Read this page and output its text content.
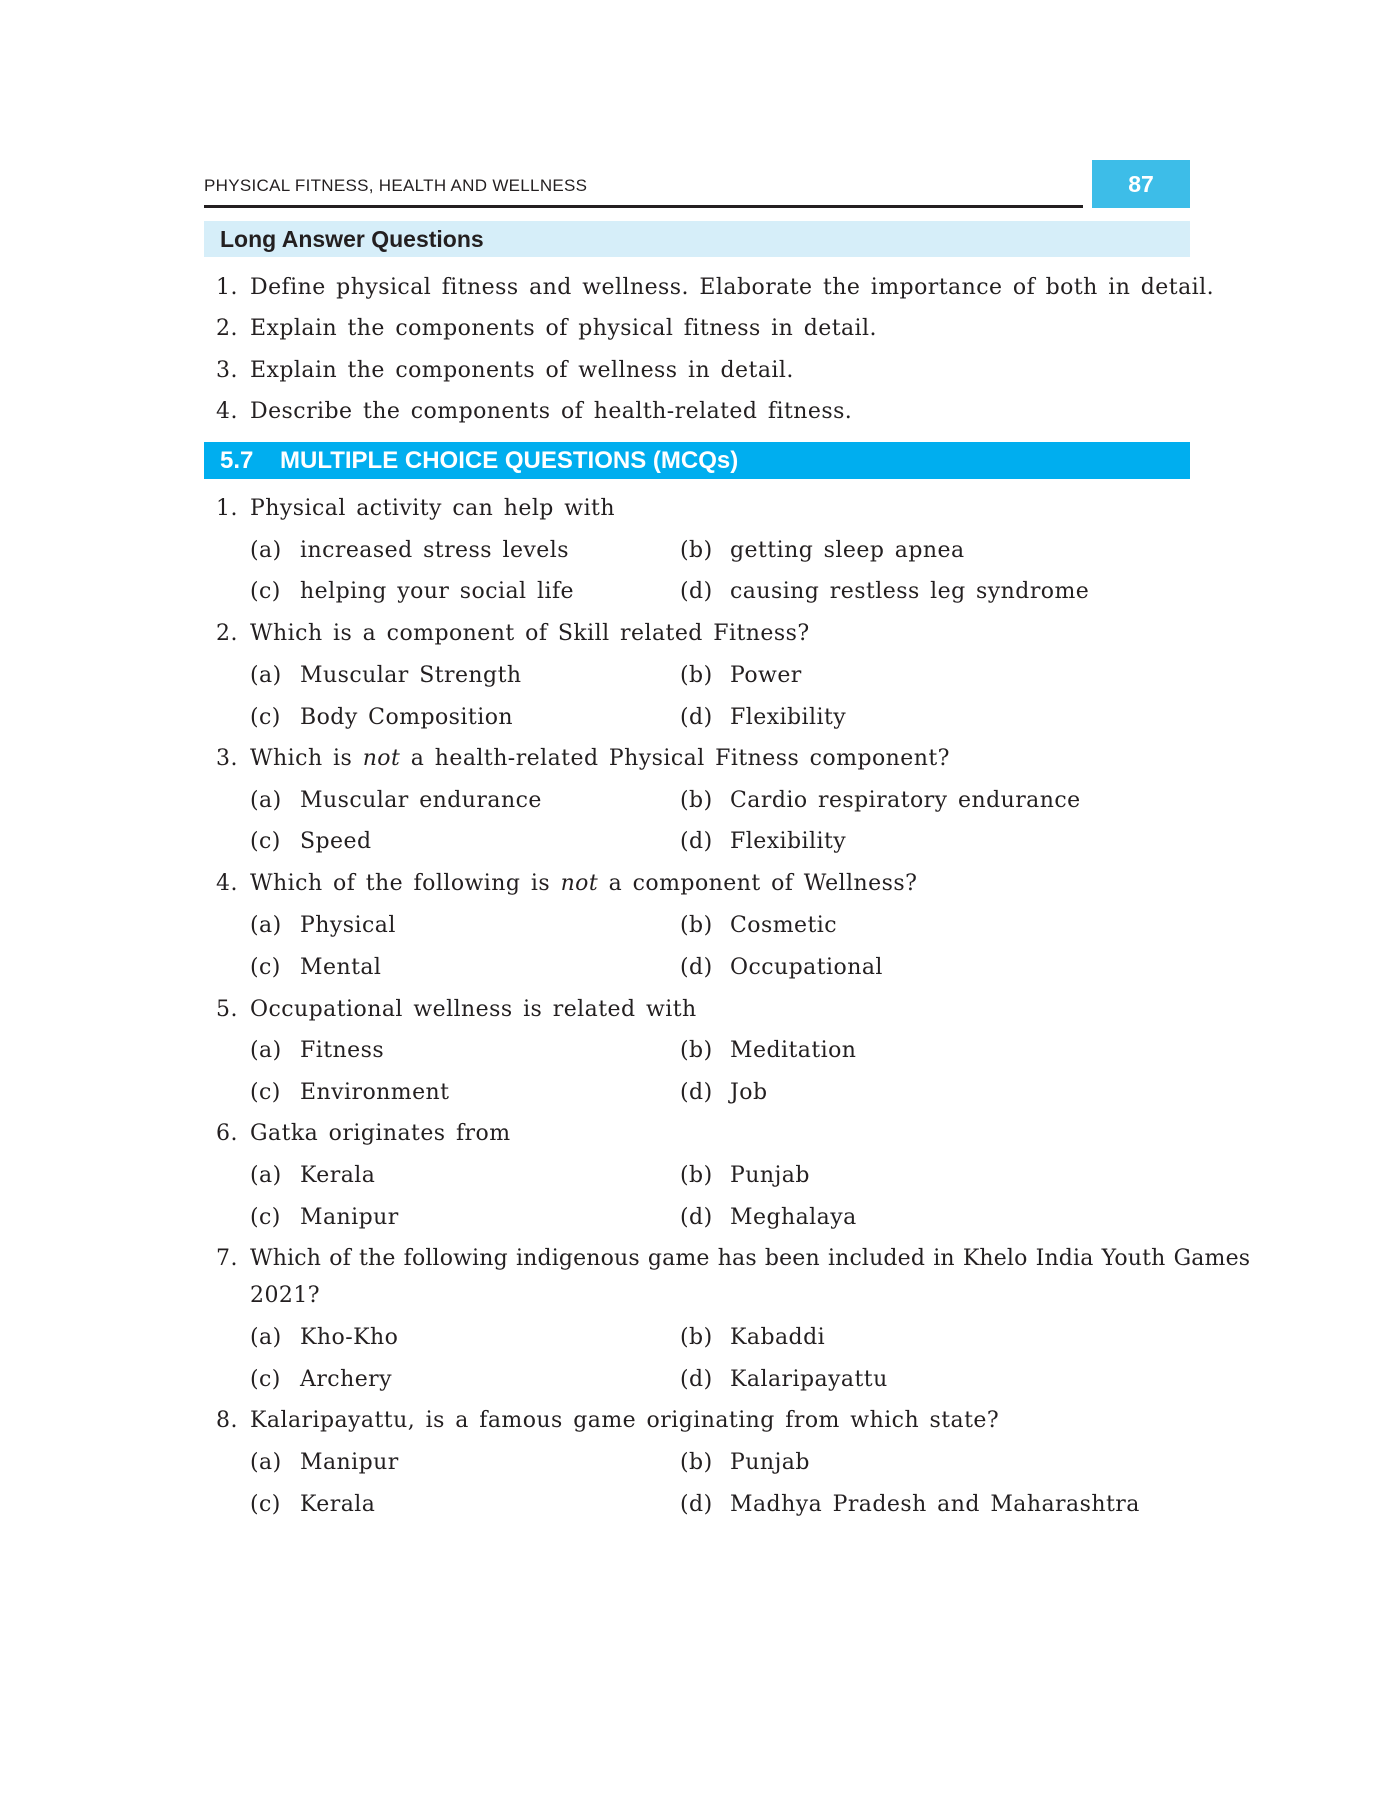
PHYSICAL FITNESS, HEALTH AND WELLNESS	87
Long Answer Questions
1. Define physical fitness and wellness. Elaborate the importance of both in detail.
2. Explain the components of physical fitness in detail.
3. Explain the components of wellness in detail.
4. Describe the components of health-related fitness.
5.7	MULTIPLE CHOICE QUESTIONS (MCQs)
1. Physical activity can help with
(a) increased stress levels	(b) getting sleep apnea
(c) helping your social life	(d) causing restless leg syndrome
2. Which is a component of Skill related Fitness?
(a) Muscular Strength	(b) Power
(c) Body Composition	(d) Flexibility
3. Which is not a health-related Physical Fitness component?
(a) Muscular endurance	(b) Cardio respiratory endurance
(c) Speed	(d) Flexibility
4. Which of the following is not a component of Wellness?
(a) Physical	(b) Cosmetic
(c) Mental	(d) Occupational
5. Occupational wellness is related with
(a) Fitness	(b) Meditation
(c) Environment	(d) Job
6. Gatka originates from
(a) Kerala	(b) Punjab
(c) Manipur	(d) Meghalaya
7. Which of the following indigenous game has been included in Khelo India Youth Games
2021?
(a) Kho-Kho	(b) Kabaddi
(c) Archery	(d) Kalaripayattu
8. Kalaripayattu, is a famous game originating from which state?
(a) Manipur	(b) Punjab
(c) Kerala	(d) Madhya Pradesh and Maharashtra
